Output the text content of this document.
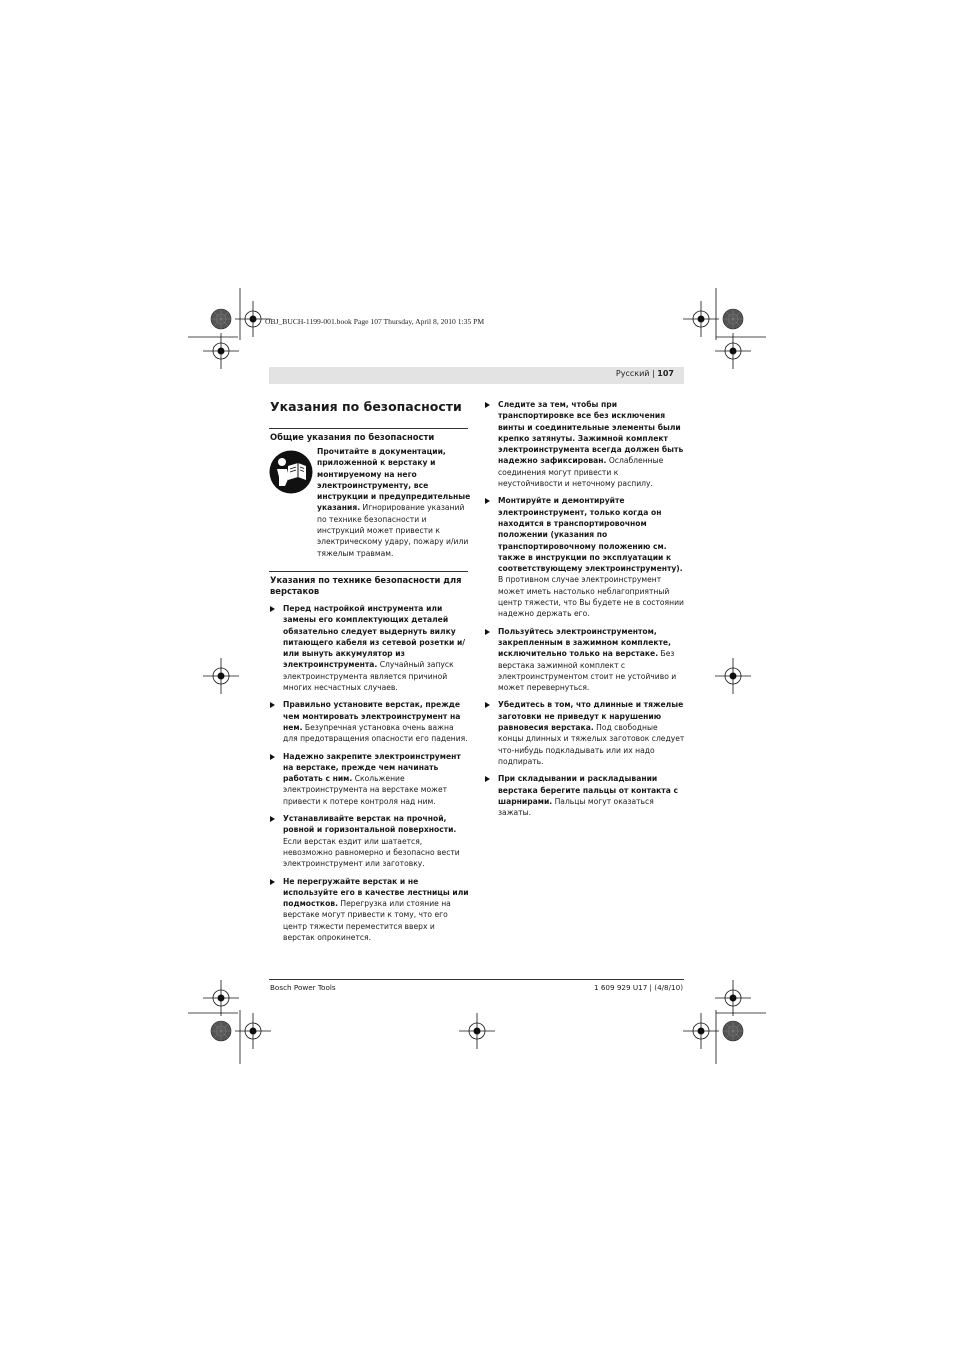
OBJ_BUCH-1199-001.book Page 107 Thursday, April 8, 2010 1:35 PM
Русский | 107
Указания по безопасности
Общие указания по безопасности
Прочитайте в документации, приложенной к верстаку и монтируемому на него электроинструменту, все инструкции и предупредительные указания. Игнорирование указаний по технике безопасности и инструкций может привести к электрическому удару, пожару и/или тяжелым травмам.
Указания по технике безопасности для верстаков
Перед настройкой инструмента или замены его комплектующих деталей обязательно следует выдернуть вилку питающего кабеля из сетевой розетки и/или вынуть аккумулятор из электроинструмента. Случайный запуск электроинструмента является причиной многих несчастных случаев.
Правильно установите верстак, прежде чем монтировать электроинструмент на нем. Безупречная установка очень важна для предотвращения опасности его падения.
Надежно закрепите электроинструмент на верстаке, прежде чем начинать работать с ним. Скольжение электроинструмента на верстаке может привести к потере контроля над ним.
Устанавливайте верстак на прочной, ровной и горизонтальной поверхности. Если верстак ездит или шатается, невозможно равномерно и безопасно вести электроинструмент или заготовку.
Не перегружайте верстак и не используйте его в качестве лестницы или подмостков. Перегрузка или стояние на верстаке могут привести к тому, что его центр тяжести переместится вверх и верстак опрокинется.
Следите за тем, чтобы при транспортировке все без исключения винты и соединительные элементы были крепко затянуты. Зажимной комплект электроинструмента всегда должен быть надежно зафиксирован. Ослабленные соединения могут привести к неустойчивости и неточному распилу.
Монтируйте и демонтируйте электроинструмент, только когда он находится в транспортировочном положении (указания по транспортировочному положению см. также в инструкции по эксплуатации к соответствующему электроинструменту). В противном случае электроинструмент может иметь настолько неблагоприятный центр тяжести, что Вы будете не в состоянии надежно держать его.
Пользуйтесь электроинструментом, закрепленным в зажимном комплекте, исключительно только на верстаке. Без верстака зажимной комплект с электроинструментом стоит не устойчиво и может перевернуться.
Убедитесь в том, что длинные и тяжелые заготовки не приведут к нарушению равновесия верстака. Под свободные концы длинных и тяжелых заготовок следует что-нибудь подкладывать или их надо подпирать.
При складывании и раскладывании верстака берегите пальцы от контакта с шарнирами. Пальцы могут оказаться зажаты.
Bosch Power Tools	1 609 929 U17 | (4/8/10)
